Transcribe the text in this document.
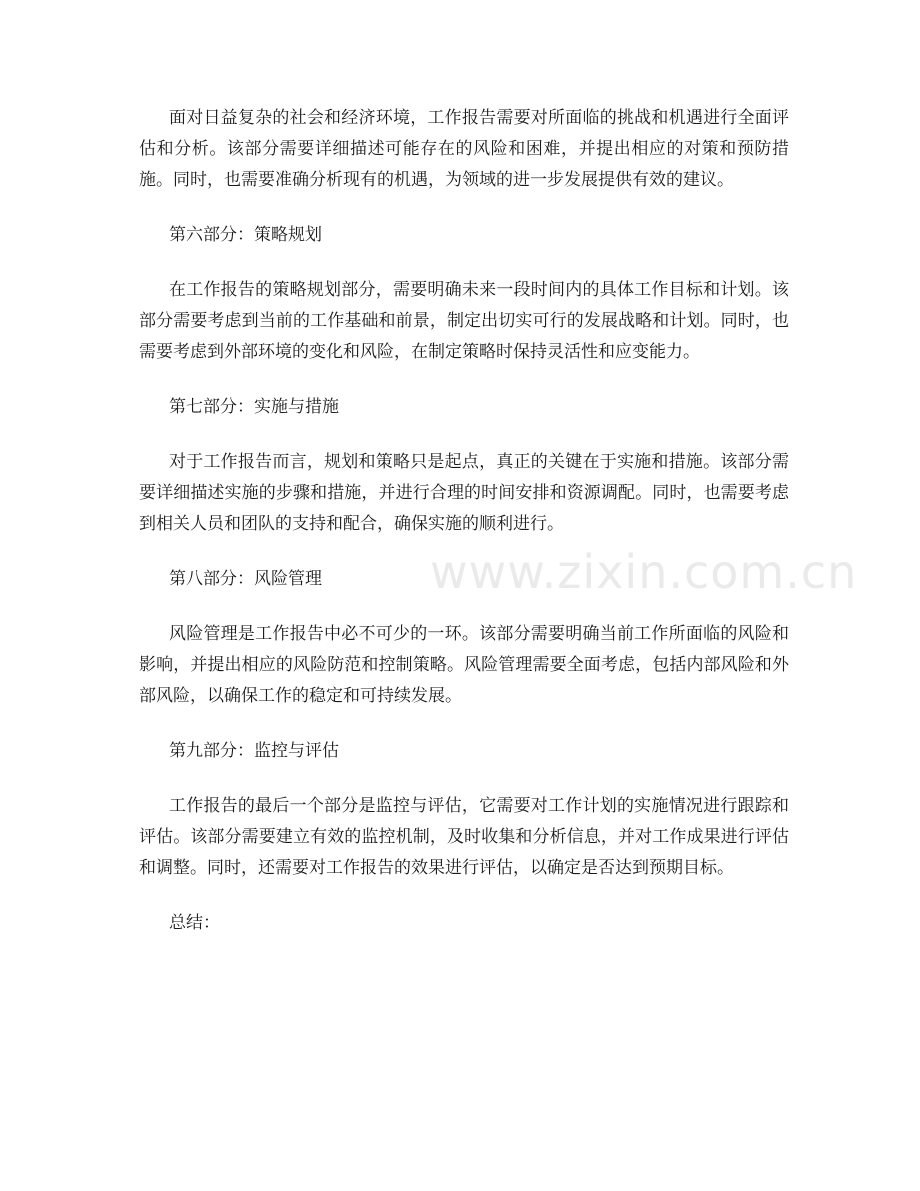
面对日益复杂的社会和经济环境，工作报告需要对所面临的挑战和机遇进行全面评估和分析。该部分需要详细描述可能存在的风险和困难，并提出相应的对策和预防措施。同时，也需要准确分析现有的机遇，为领域的进一步发展提供有效的建议。

第六部分：策略规划

在工作报告的策略规划部分，需要明确未来一段时间内的具体工作目标和计划。该部分需要考虑到当前的工作基础和前景，制定出切实可行的发展战略和计划。同时，也需要考虑到外部环境的变化和风险，在制定策略时保持灵活性和应变能力。

第七部分：实施与措施

对于工作报告而言，规划和策略只是起点，真正的关键在于实施和措施。该部分需要详细描述实施的步骤和措施，并进行合理的时间安排和资源调配。同时，也需要考虑到相关人员和团队的支持和配合，确保实施的顺利进行。

第八部分：风险管理

风险管理是工作报告中必不可少的一环。该部分需要明确当前工作所面临的风险和影响，并提出相应的风险防范和控制策略。风险管理需要全面考虑，包括内部风险和外部风险，以确保工作的稳定和可持续发展。

第九部分：监控与评估

工作报告的最后一个部分是监控与评估，它需要对工作计划的实施情况进行跟踪和评估。该部分需要建立有效的监控机制，及时收集和分析信息，并对工作成果进行评估和调整。同时，还需要对工作报告的效果进行评估，以确定是否达到预期目标。

总结：

www.zixin.com.cn
